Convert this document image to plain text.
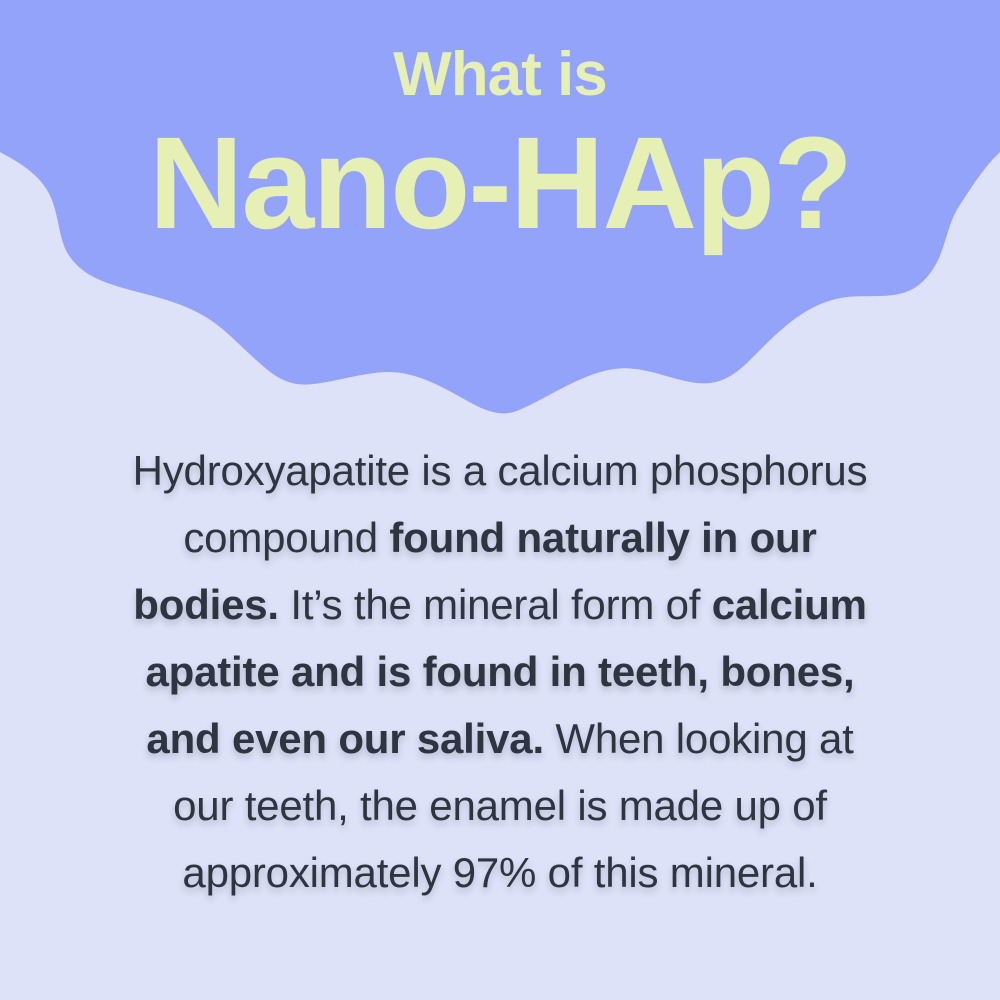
What is
Nano-HAp?
Hydroxyapatite is a calcium phosphorus
compound found naturally in our
bodies. It’s the mineral form of calcium
apatite and is found in teeth, bones,
and even our saliva. When looking at
our teeth, the enamel is made up of
approximately 97% of this mineral.
